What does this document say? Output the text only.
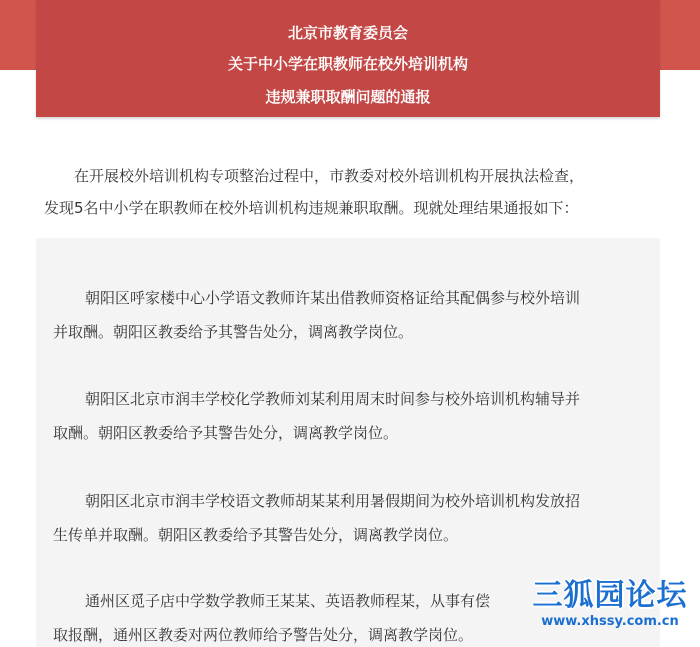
北京市教育委员会
关于中小学在职教师在校外培训机构
违规兼职取酬问题的通报
在开展校外培训机构专项整治过程中，市教委对校外培训机构开展执法检查，
发现5名中小学在职教师在校外培训机构违规兼职取酬。现就处理结果通报如下：
朝阳区呼家楼中心小学语文教师许某出借教师资格证给其配偶参与校外培训
并取酬。朝阳区教委给予其警告处分，调离教学岗位。
朝阳区北京市润丰学校化学教师刘某利用周末时间参与校外培训机构辅导并
取酬。朝阳区教委给予其警告处分，调离教学岗位。
朝阳区北京市润丰学校语文教师胡某某利用暑假期间为校外培训机构发放招
生传单并取酬。朝阳区教委给予其警告处分，调离教学岗位。
通州区觅子店中学数学教师王某某、英语教师程某，从事有偿
取报酬，通州区教委对两位教师给予警告处分，调离教学岗位。
三狐园论坛
www.xhssy.com.cn
